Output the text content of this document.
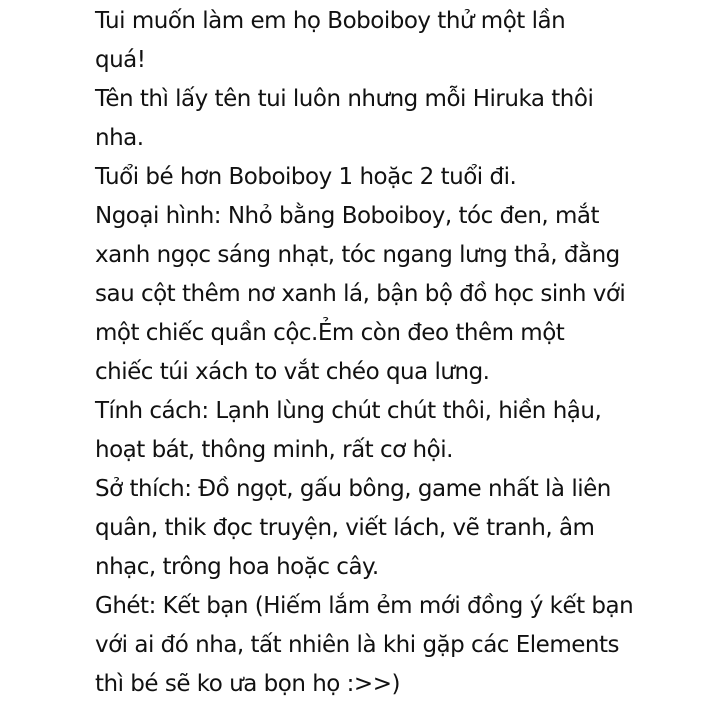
Tui muốn làm em họ Boboiboy thử một lần
quá!
Tên thì lấy tên tui luôn nhưng mỗi Hiruka thôi
nha.
Tuổi bé hơn Boboiboy 1 hoặc 2 tuổi đi.
Ngoại hình: Nhỏ bằng Boboiboy, tóc đen, mắt
xanh ngọc sáng nhạt, tóc ngang lưng thả, đằng
sau cột thêm nơ xanh lá, bận bộ đồ học sinh với
một chiếc quần cộc.Ẻm còn đeo thêm một
chiếc túi xách to vắt chéo qua lưng.
Tính cách: Lạnh lùng chút chút thôi, hiền hậu,
hoạt bát, thông minh, rất cơ hội.
Sở thích: Đồ ngọt, gấu bông, game nhất là liên
quân, thik đọc truyện, viết lách, vẽ tranh, âm
nhạc, trông hoa hoặc cây.
Ghét: Kết bạn (Hiếm lắm ẻm mới đồng ý kết bạn
với ai đó nha, tất nhiên là khi gặp các Elements
thì bé sẽ ko ưa bọn họ :>>)
